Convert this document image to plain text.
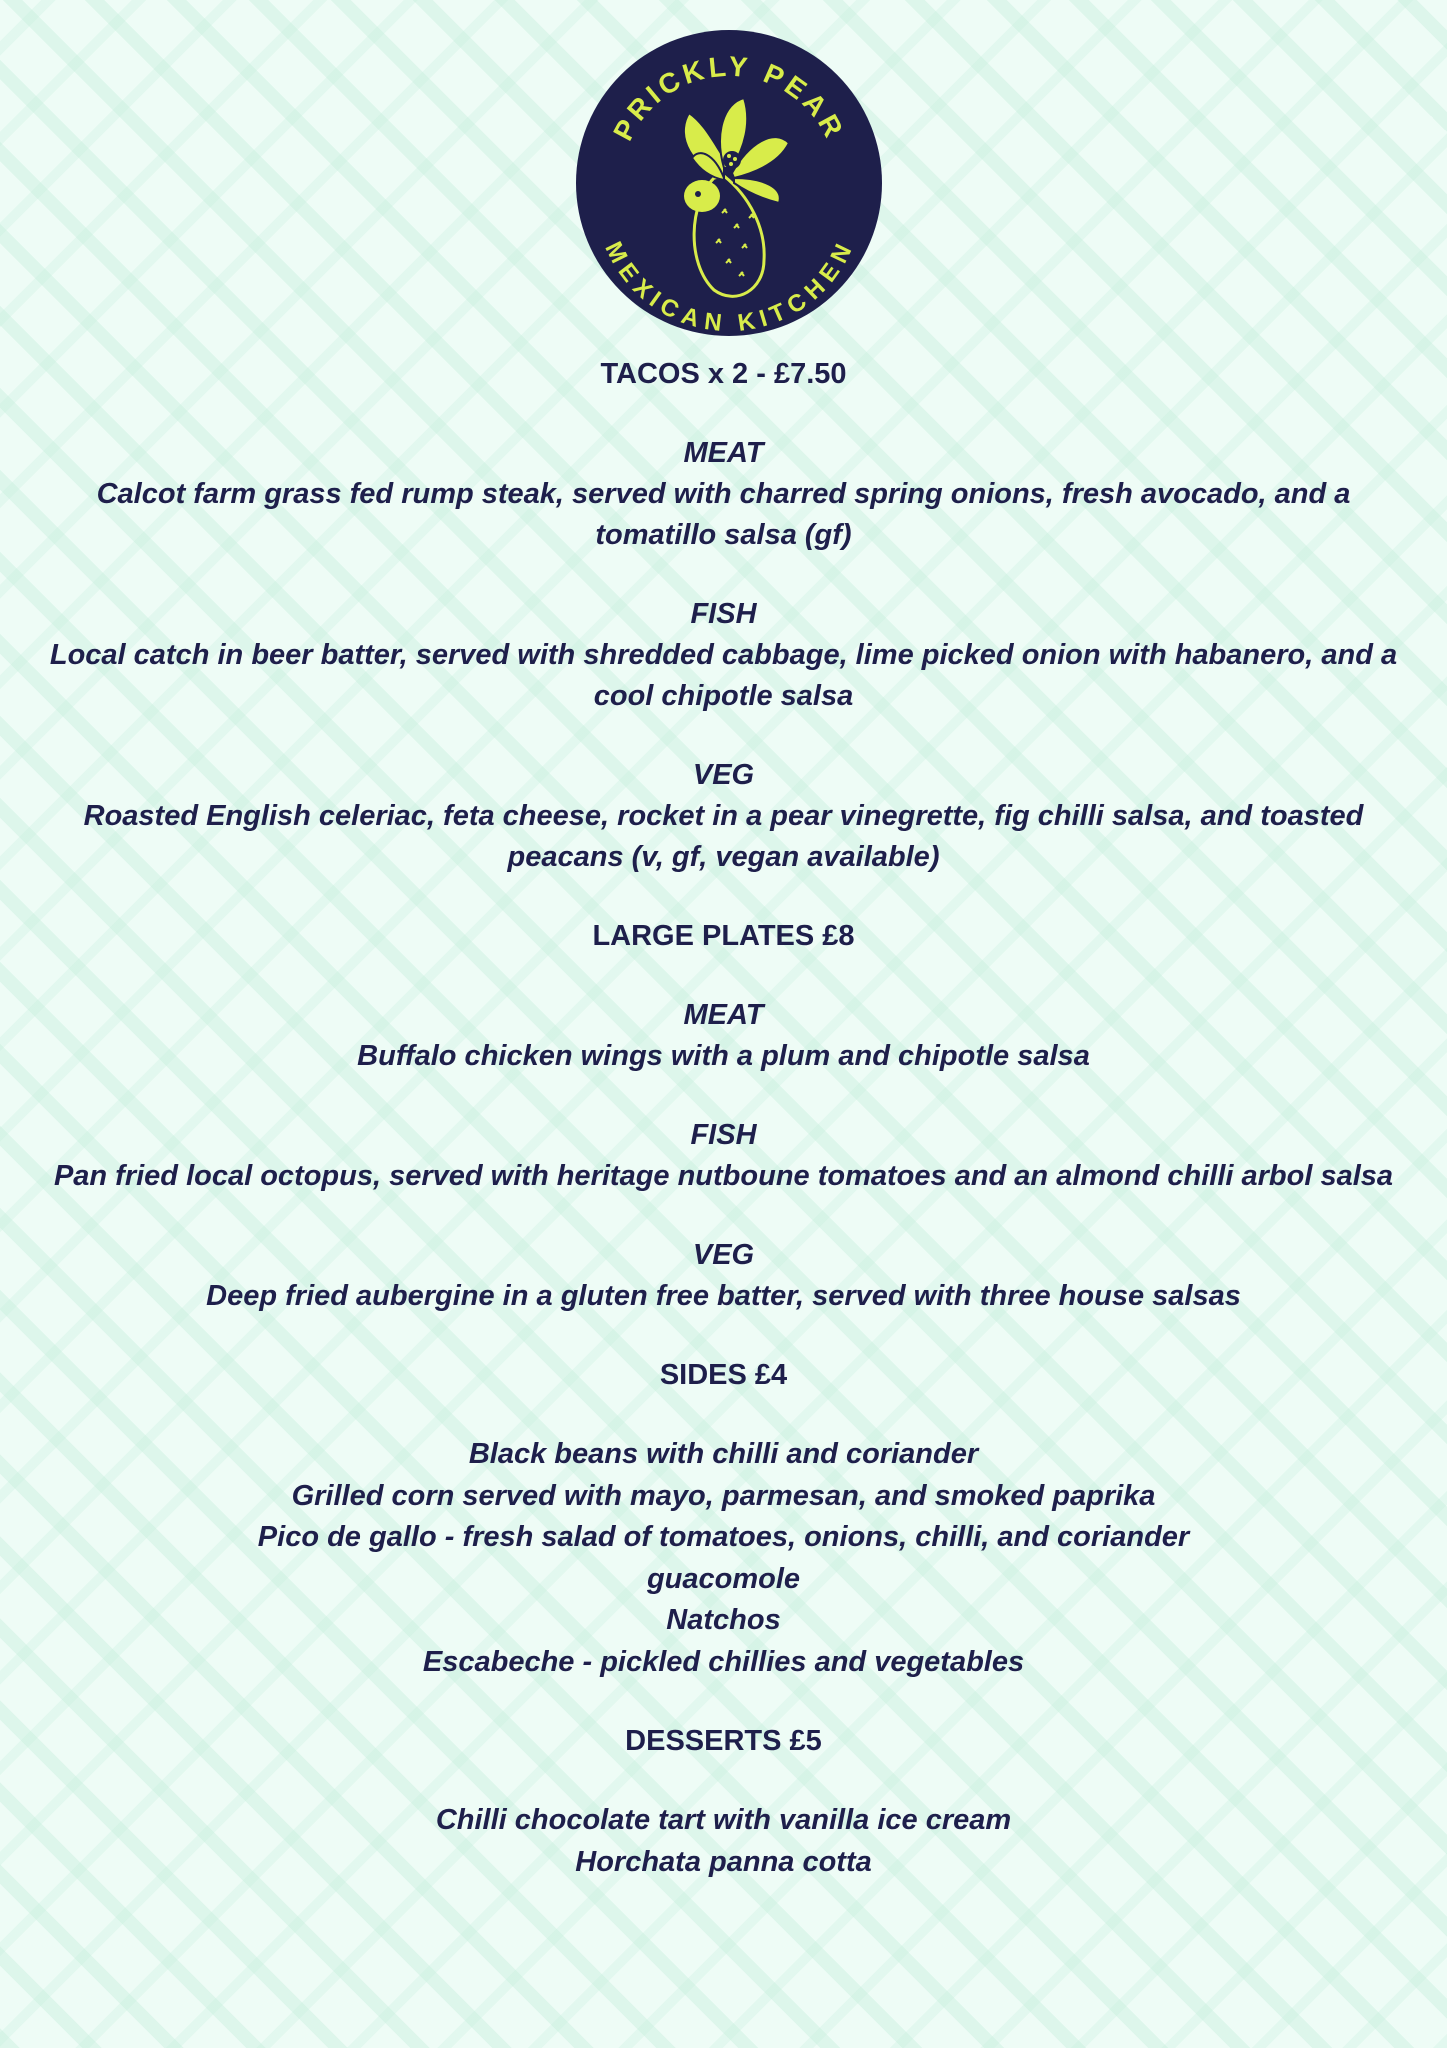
PRICKLY PEAR
MEXICAN KITCHEN
TACOS x 2 - £7.50
MEAT
Calcot farm grass fed rump steak, served with charred spring onions, fresh avocado, and a tomatillo salsa (gf)
FISH
Local catch in beer batter, served with shredded cabbage, lime picked onion with habanero, and a cool chipotle salsa
VEG
Roasted English celeriac, feta cheese, rocket in a pear vinegrette, fig chilli salsa, and toasted peacans (v, gf, vegan available)
LARGE PLATES £8
MEAT
Buffalo chicken wings with a plum and chipotle salsa
FISH
Pan fried local octopus, served with heritage nutboune tomatoes and an almond chilli arbol salsa
VEG
Deep fried aubergine in a gluten free batter, served with three house salsas
SIDES £4
Black beans with chilli and coriander
Grilled corn served with mayo, parmesan, and smoked paprika
Pico de gallo - fresh salad of tomatoes, onions, chilli, and coriander
guacomole
Natchos
Escabeche - pickled chillies and vegetables
DESSERTS £5
Chilli chocolate tart with vanilla ice cream
Horchata panna cotta
